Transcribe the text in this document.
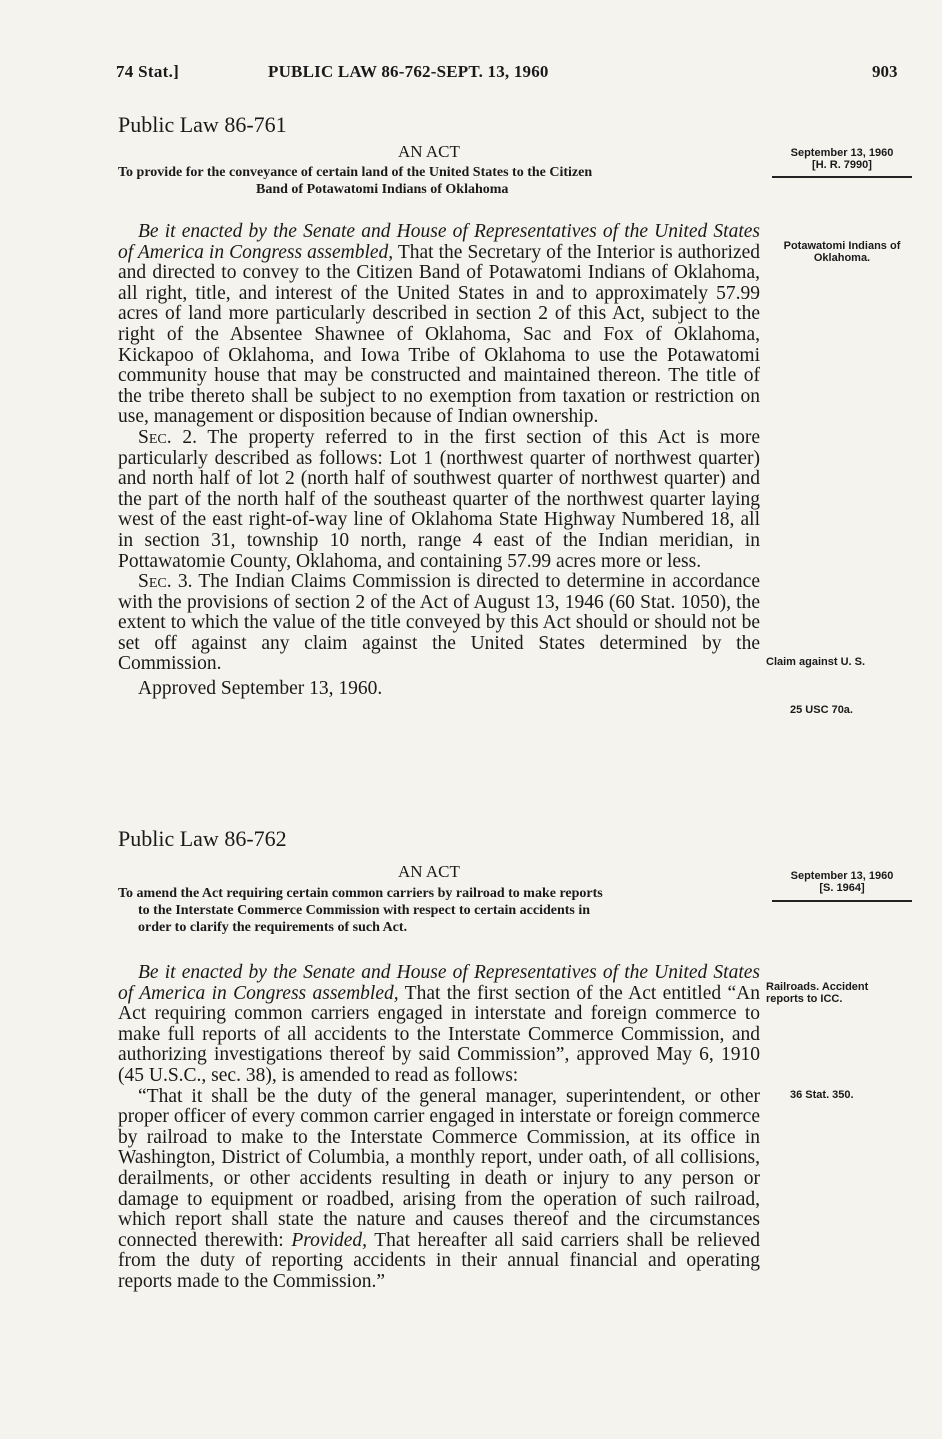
74 Stat.]	PUBLIC LAW 86-762-SEPT. 13, 1960	903
Public Law 86-761
AN ACT
To provide for the conveyance of certain land of the United States to the Citizen
Band of Potawatomi Indians of Oklahoma
September 13, 1960
[H. R. 7990]

Be it enacted by the Senate and House of Representatives of the United States of America in Congress assembled, That the Secretary of the Interior is authorized and directed to convey to the Citizen Band of Potawatomi Indians of Oklahoma, all right, title, and interest of the United States in and to approximately 57.99 acres of land more particularly described in section 2 of this Act, subject to the right of the Absentee Shawnee of Oklahoma, Sac and Fox of Oklahoma, Kickapoo of Oklahoma, and Iowa Tribe of Oklahoma to use the Potawatomi community house that may be constructed and maintained thereon. The title of the tribe thereto shall be subject to no exemption from taxation or restriction on use, management or disposition because of Indian ownership.

Sec. 2. The property referred to in the first section of this Act is more particularly described as follows: Lot 1 (northwest quarter of northwest quarter) and north half of lot 2 (north half of southwest quarter of northwest quarter) and the part of the north half of the southeast quarter of the northwest quarter laying west of the east right-of-way line of Oklahoma State Highway Numbered 18, all in section 31, township 10 north, range 4 east of the Indian meridian, in Pottawatomie County, Oklahoma, and containing 57.99 acres more or less.

Sec. 3. The Indian Claims Commission is directed to determine in accordance with the provisions of section 2 of the Act of August 13, 1946 (60 Stat. 1050), the extent to which the value of the title conveyed by this Act should or should not be set off against any claim against the United States determined by the Commission.

Approved September 13, 1960.

Potawatomi Indians of Oklahoma.
Claim against U. S.
25 USC 70a.
Public Law 86-762
AN ACT
To amend the Act requiring certain common carriers by railroad to make reports
to the Interstate Commerce Commission with respect to certain accidents in
order to clarify the requirements of such Act.
September 13, 1960
[S. 1964]

Be it enacted by the Senate and House of Representatives of the United States of America in Congress assembled, That the first section of the Act entitled “An Act requiring common carriers engaged in interstate and foreign commerce to make full reports of all accidents to the Interstate Commerce Commission, and authorizing investigations thereof by said Commission”, approved May 6, 1910 (45 U.S.C., sec. 38), is amended to read as follows:

“That it shall be the duty of the general manager, superintendent, or other proper officer of every common carrier engaged in interstate or foreign commerce by railroad to make to the Interstate Commerce Commission, at its office in Washington, District of Columbia, a monthly report, under oath, of all collisions, derailments, or other accidents resulting in death or injury to any person or damage to equipment or roadbed, arising from the operation of such railroad, which report shall state the nature and causes thereof and the circumstances connected therewith: Provided, That hereafter all said carriers shall be relieved from the duty of reporting accidents in their annual financial and operating reports made to the Commission.”

Railroads. Accident reports to ICC.
36 Stat. 350.
